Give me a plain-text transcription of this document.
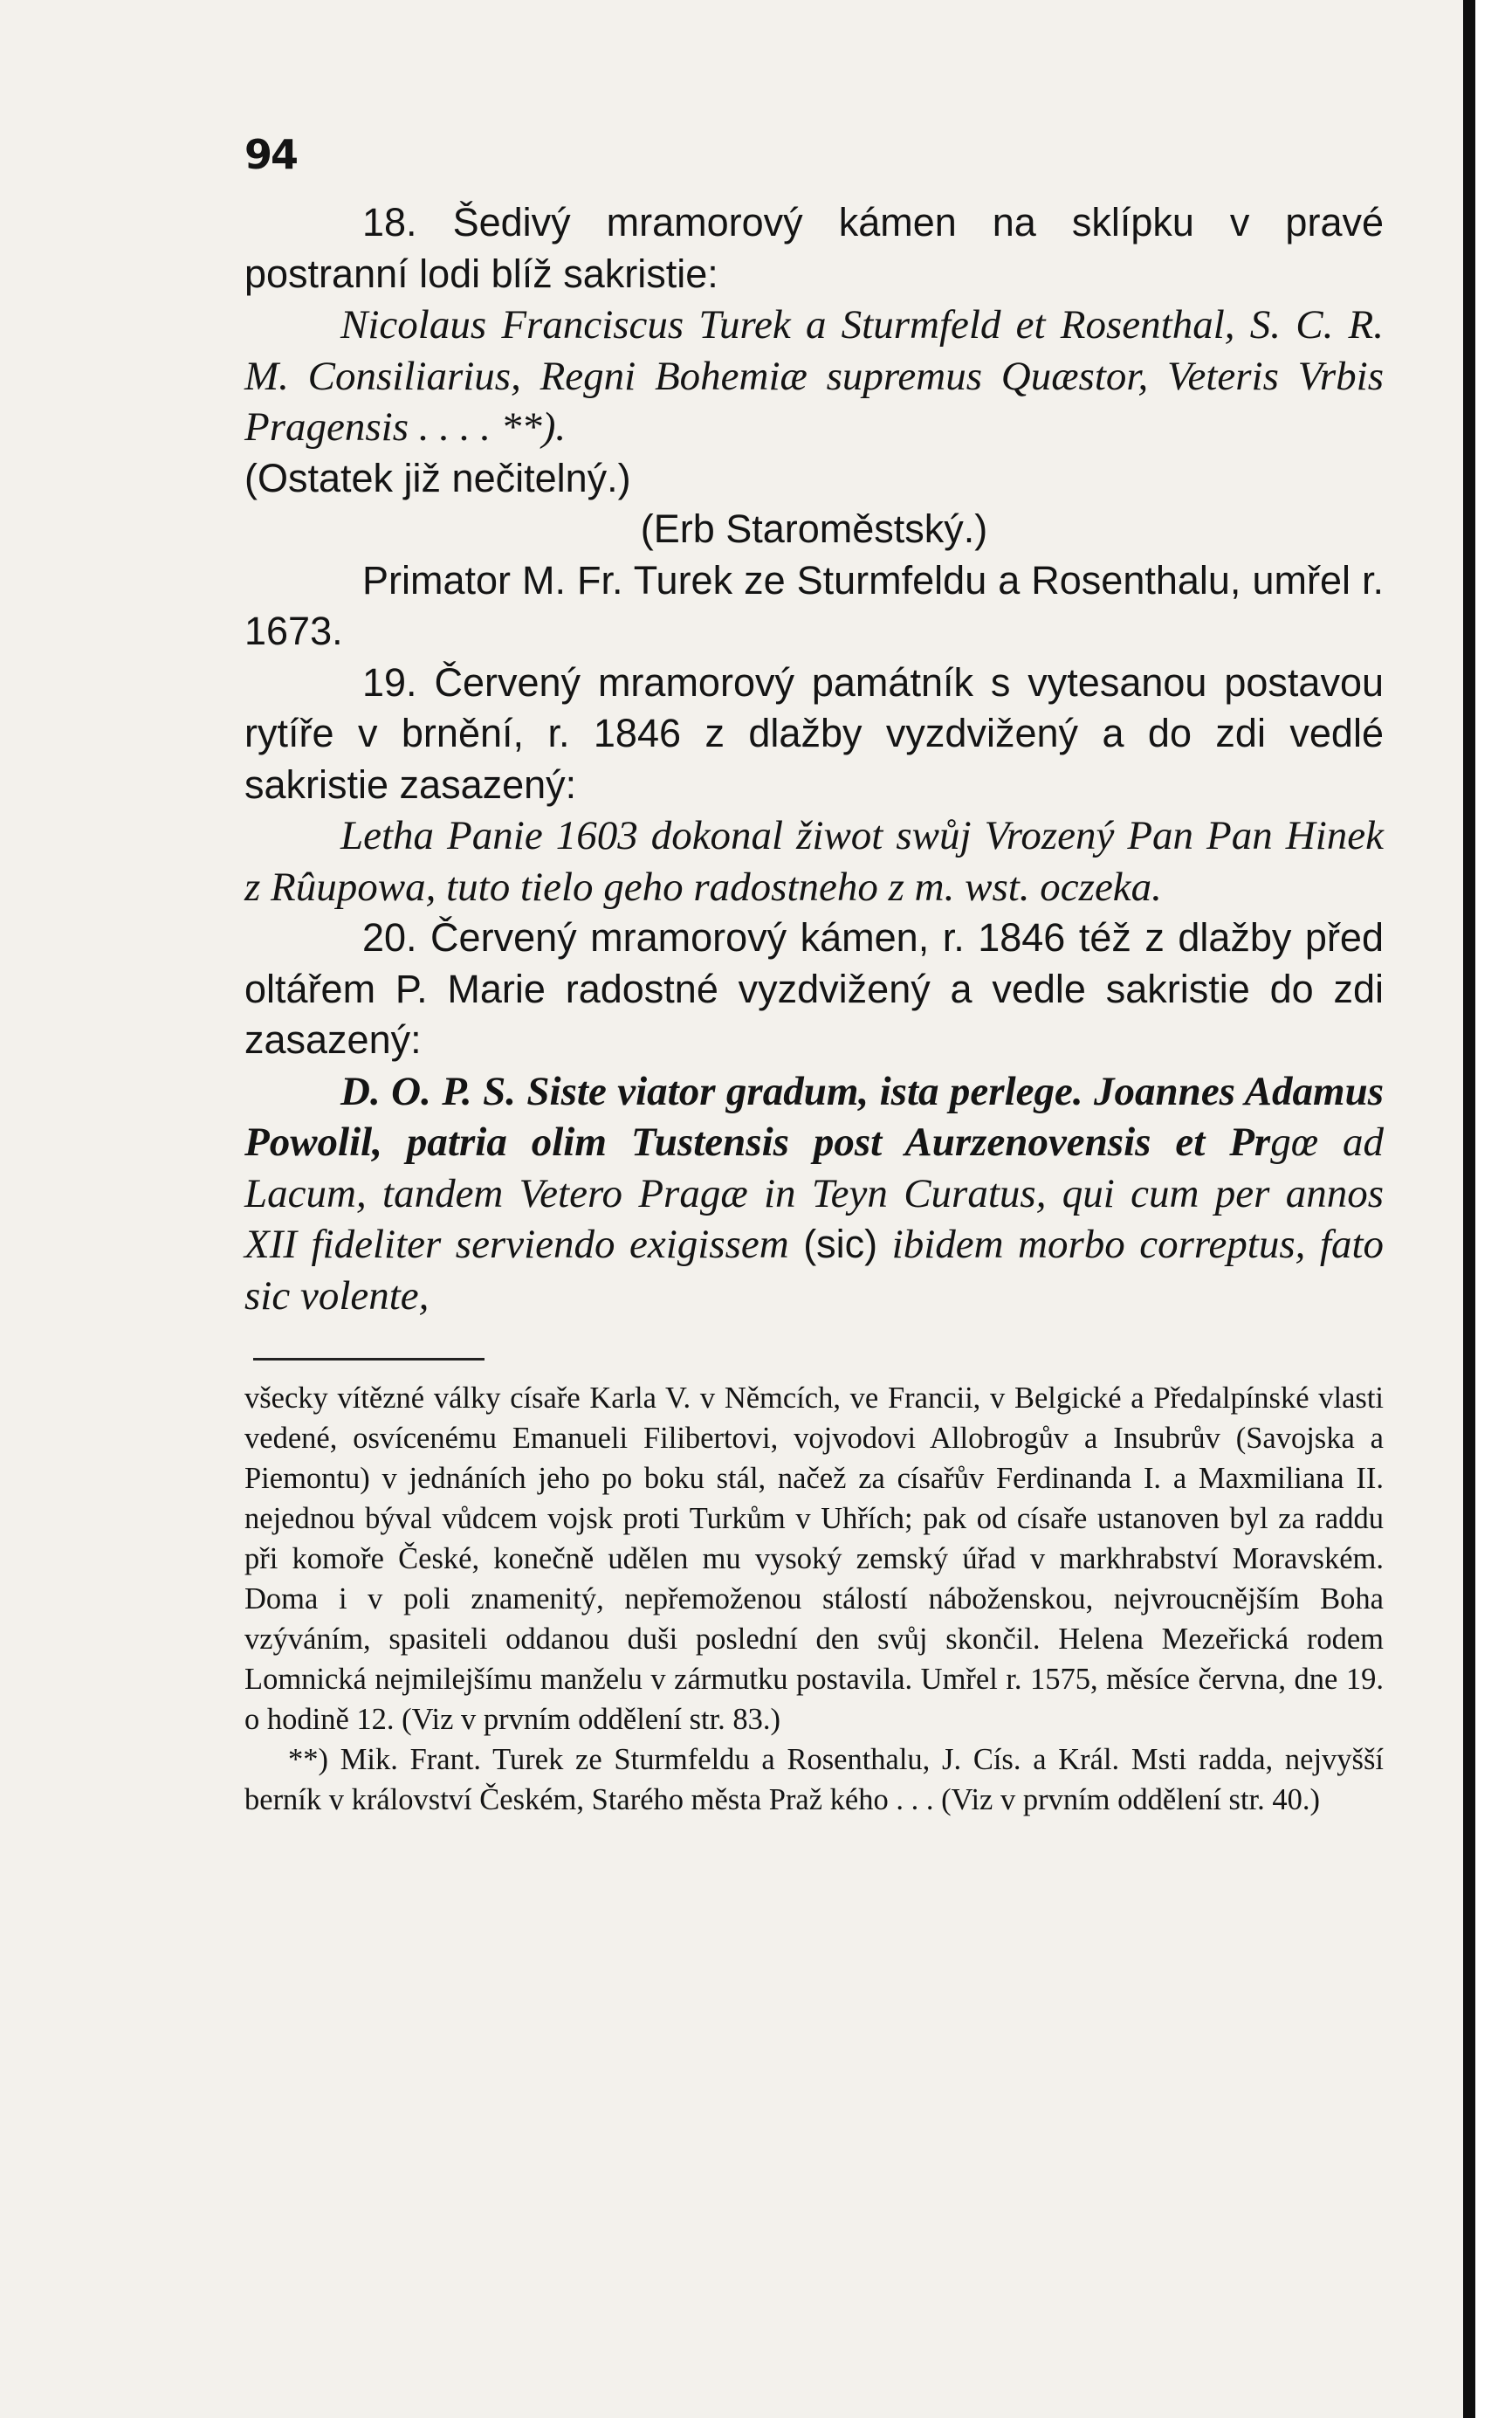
94

18. Šedivý mramorový kámen na sklípku v pravé postranní lodi blíž sakristie:

Nicolaus Franciscus Turek a Sturmfeld et Rosenthal, S. C. R. M. Consiliarius, Regni Bohemiæ supremus Quæstor, Veteris Vrbis Pragensis . . . . **).

(Ostatek již nečitelný.)

(Erb Staroměstský.)

Primator M. Fr. Turek ze Sturmfeldu a Rosenthalu, umřel r. 1673.

19. Červený mramorový památník s vytesanou postavou rytíře v brnění, r. 1846 z dlažby vyzdvižený a do zdi vedlé sakristie zasazený:

Letha Panie 1603 dokonal žiwot swůj Vrozený Pan Pan Hinek z Rûupowa, tuto tielo geho radostneho z m. wst. oczeka.

20. Červený mramorový kámen, r. 1846 též z dlažby před oltářem P. Marie radostné vyzdvižený a vedle sakristie do zdi zasazený:

D. O. P. S. Siste viator gradum, ista perlege. Joannes Adamus Powolil, patria olim Tustensis post Aurzenovensis et Prgœ ad Lacum, tandem Vetero Pragæ in Teyn Curatus, qui cum per annos XII fideliter serviendo exigissem (sic) ibidem morbo correptus, fato sic volente,

všecky vítězné války císaře Karla V. v Němcích, ve Francii, v Belgické a Předalpínské vlasti vedené, osvícenému Emanueli Filibertovi, vojvodovi Allobrogův a Insubrův (Savojska a Piemontu) v jednáních jeho po boku stál, načež za císařův Ferdinanda I. a Maxmiliana II. nejednou býval vůdcem vojsk proti Turkům v Uhřích; pak od císaře ustanoven byl za raddu při komoře České, konečně udělen mu vysoký zemský úřad v markhrabství Moravském. Doma i v poli znamenitý, nepřemoženou stálostí náboženskou, nejvroucnějším Boha vzýváním, spasiteli oddanou duši poslední den svůj skončil. Helena Mezeřická rodem Lomnická nejmilejšímu manželu v zármutku postavila. Umřel r. 1575, měsíce června, dne 19. o hodině 12. (Viz v prvním oddělení str. 83.)

**) Mik. Frant. Turek ze Sturmfeldu a Rosenthalu, J. Cís. a Král. Msti radda, nejvyšší berník v království Českém, Starého města Praž kého . . . (Viz v prvním oddělení str. 40.)
